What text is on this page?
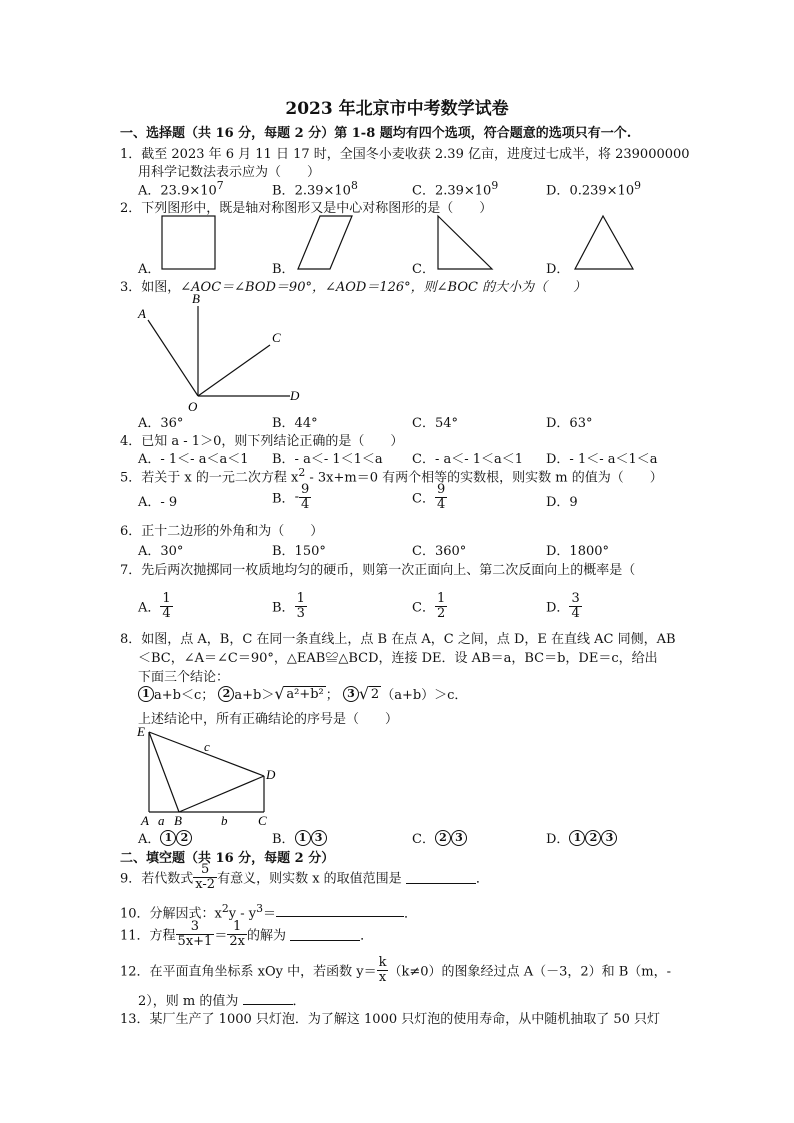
2023 年北京市中考数学试卷
一、选择题（共 16 分，每题 2 分）第 1-8 题均有四个选项，符合题意的选项只有一个.
1．截至 2023 年 6 月 11 日 17 时，全国冬小麦收获 2.39 亿亩，进度过七成半，将 239000000
用科学记数法表示应为（　　）
A．$23.9\times 10^7$	B．$2.39\times 10^8$	C．$2.39\times 10^9$	D．$0.239\times 10^9$
2．下列图形中，既是轴对称图形又是中心对称图形的是（　　）
A．	B．	C．	D．
3．如图，∠AOC＝∠BOD＝90°，∠AOD＝126°，则∠BOC 的大小为（　　）
A
B
C
D
O
A．36°	B．44°	C．54°	D．63°
4．已知 a - 1＞0，则下列结论正确的是（　　）
A．- 1＜- a＜a＜1 B．- a＜- 1＜1＜a C．- a＜- 1＜a＜1 D．- 1＜- a＜1＜a
5．若关于 x 的一元二次方程 $x^2 - 3x+m=0$ 有两个相等的实数根，则实数 m 的值为（　　）
A．- 9	B．- $\frac{9}{4}$	C． $\frac{9}{4}$	D．9
6．正十二边形的外角和为（　　）
A．30°	B．150°	C．360°	D．1800°
7．先后两次抛掷同一枚质地均匀的硬币，则第一次正面向上、第二次反面向上的概率是（
A． $\frac{1}{4}$	B． $\frac{1}{3}$	C． $\frac{1}{2}$	D． $\frac{3}{4}$
8．如图，点 A，B，C 在同一条直线上，点 B 在点 A，C 之间，点 D，E 在直线 AC 同侧，AB
＜BC，∠A＝∠C＝90°，△EAB≌△BCD，连接 DE．设 AB＝a，BC＝b，DE＝c，给出
下面三个结论：
1 a+b＜c； 2 a+b＞ √ a²+b² ； 3 √ 2 （a+b）＞c．
上述结论中，所有正确结论的序号是（　　）
E
c
D
A a B	b C
A． 1 2	B． 1 3	C． 2 3	D． 1 2 3
二、填空题（共 16 分，每题 2 分）
9．若代数式 $\frac{5}{x-2}$ 有意义，则实数 x 的取值范围是	．
10．分解因式：$x^2y - y^3=$	．
11．方程 $\frac{3}{5x+1} = \frac{1}{2x}$ 的解为	．
12．在平面直角坐标系 xOy 中，若函数 $y= \frac{k}{x} (k\ne 0)$的图象经过点 A（－3，2）和 B（m，-
2），则 m 的值为	．
13．某厂生产了 1000 只灯泡．为了解这 1000 只灯泡的使用寿命，从中随机抽取了 50 只灯
